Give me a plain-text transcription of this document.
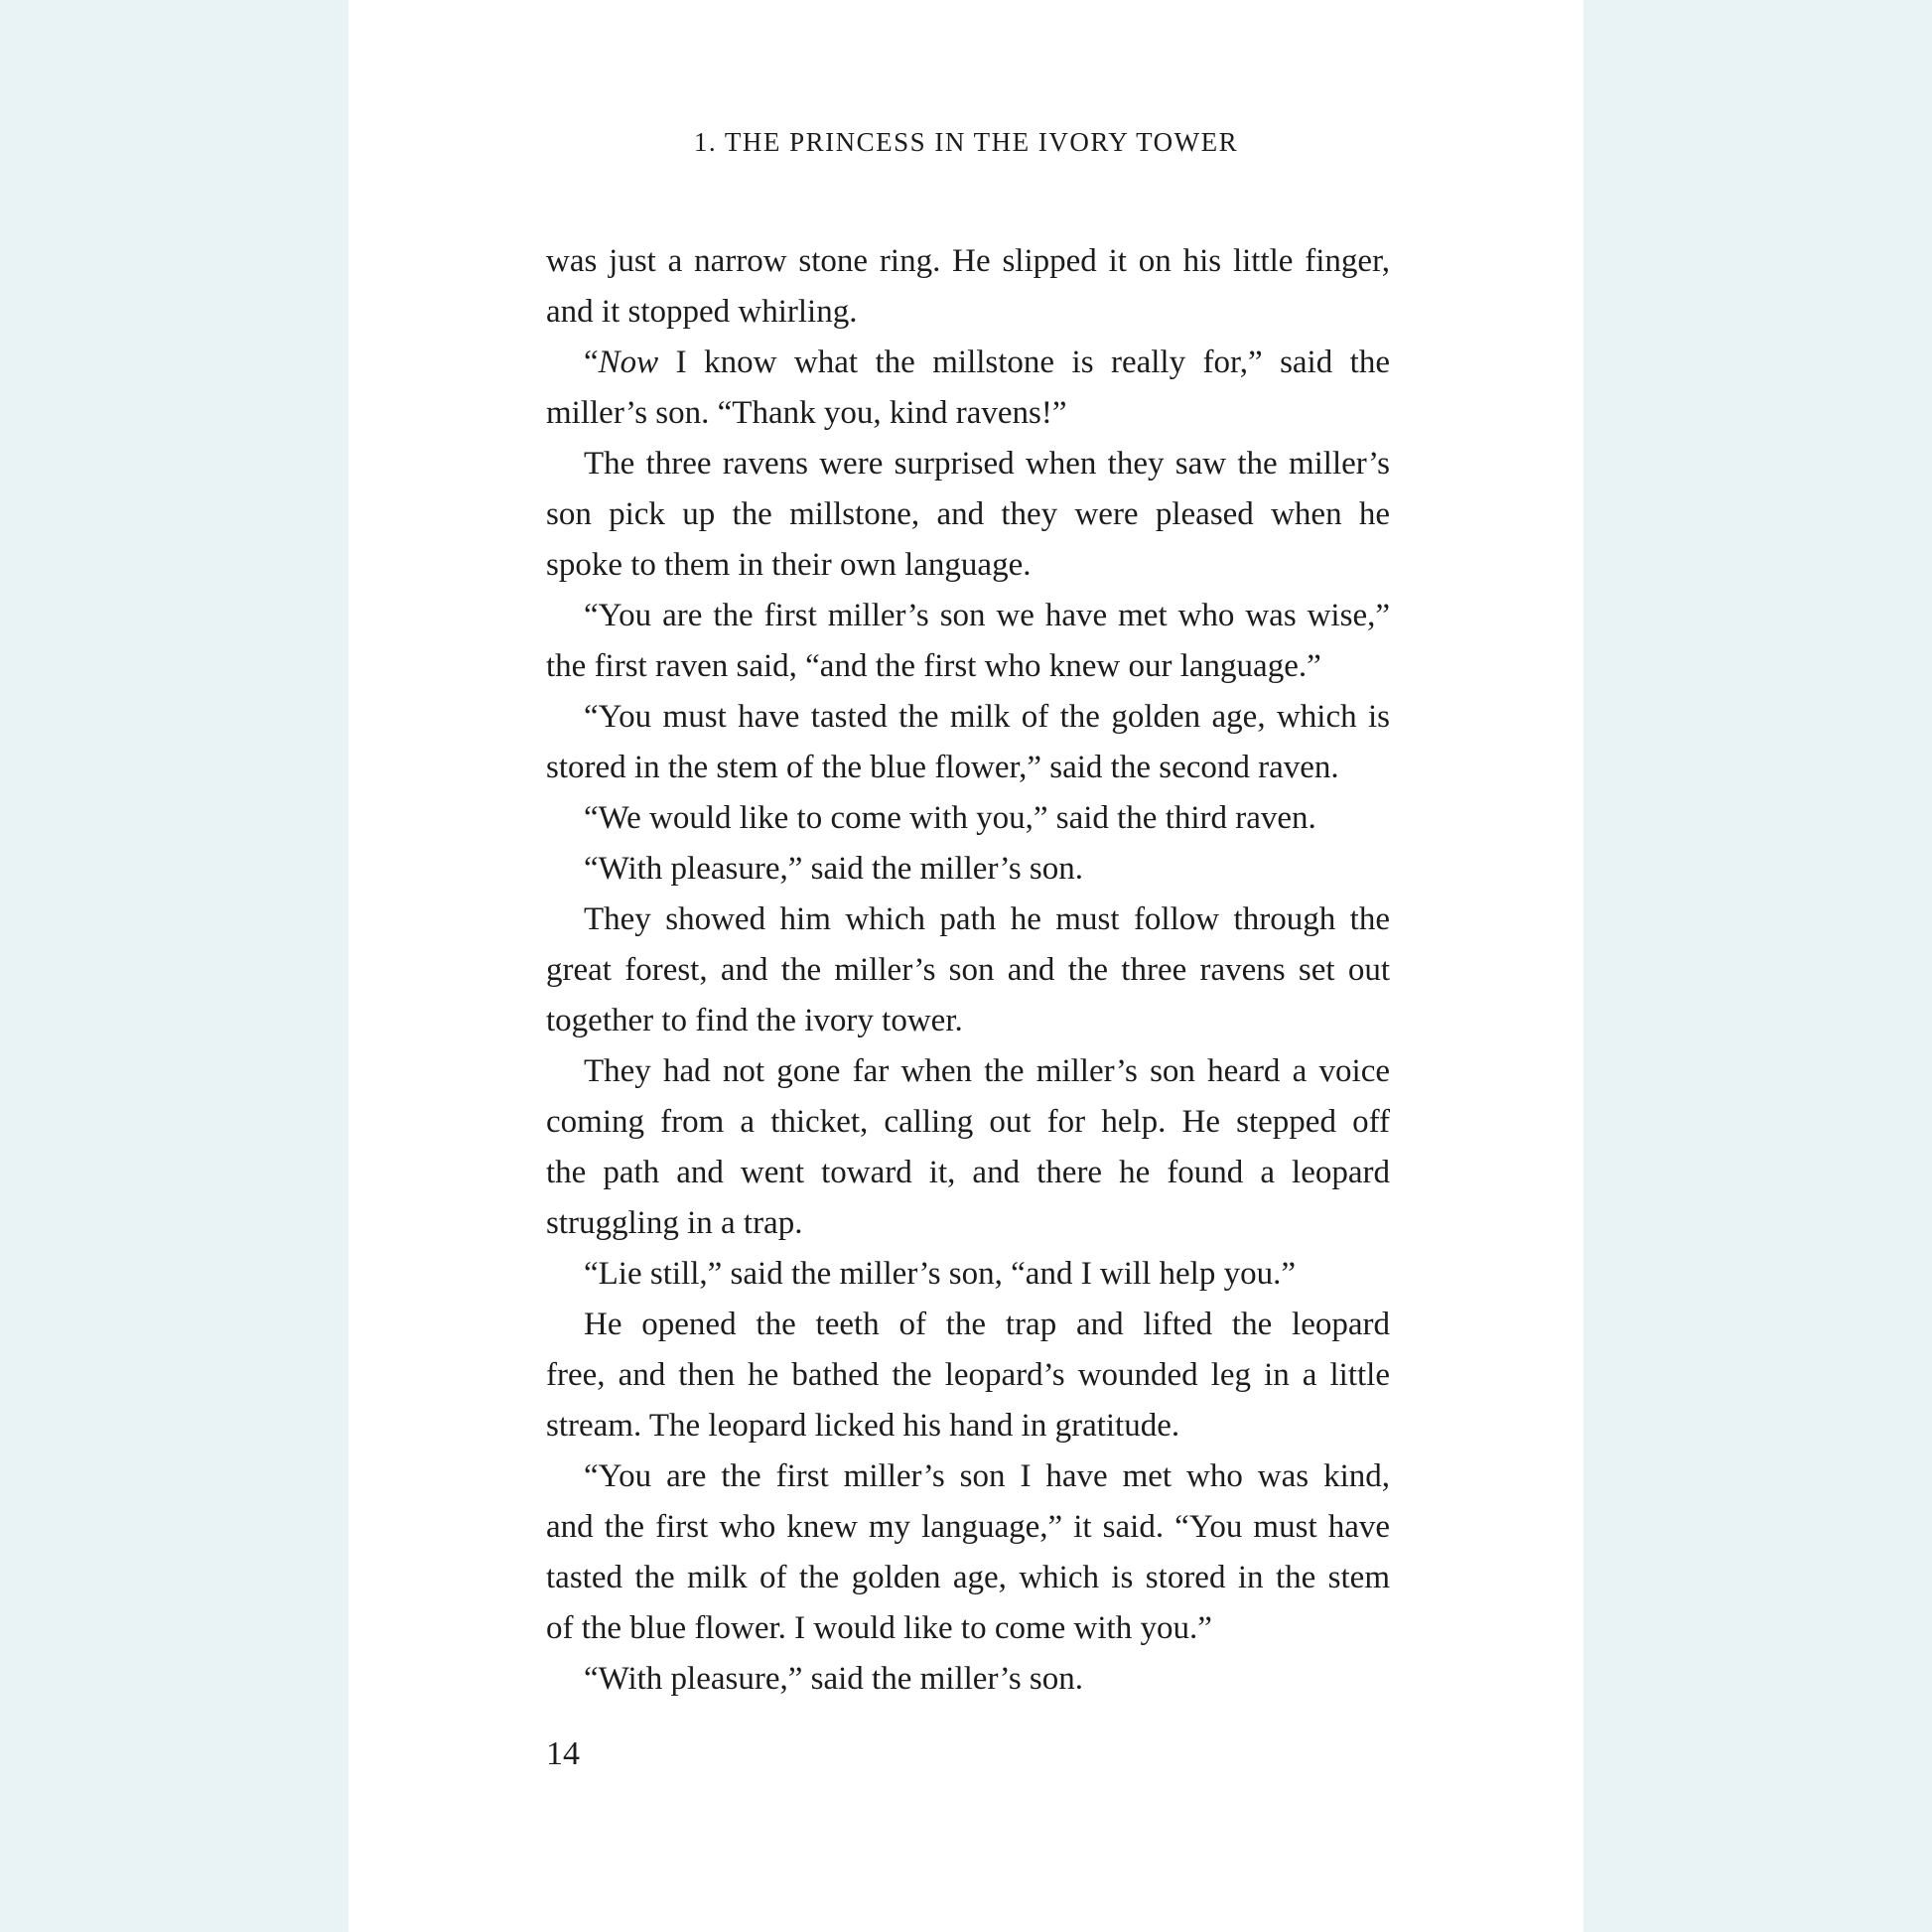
1. THE PRINCESS IN THE IVORY TOWER
was just a narrow stone ring. He slipped it on his little finger,
and it stopped whirling.
“Now I know what the millstone is really for,” said the
miller’s son. “Thank you, kind ravens!”
The three ravens were surprised when they saw the miller’s
son pick up the millstone, and they were pleased when he
spoke to them in their own language.
“You are the first miller’s son we have met who was wise,”
the first raven said, “and the first who knew our language.”
“You must have tasted the milk of the golden age, which is
stored in the stem of the blue flower,” said the second raven.
“We would like to come with you,” said the third raven.
“With pleasure,” said the miller’s son.
They showed him which path he must follow through the
great forest, and the miller’s son and the three ravens set out
together to find the ivory tower.
They had not gone far when the miller’s son heard a voice
coming from a thicket, calling out for help. He stepped off
the path and went toward it, and there he found a leopard
struggling in a trap.
“Lie still,” said the miller’s son, “and I will help you.”
He opened the teeth of the trap and lifted the leopard
free, and then he bathed the leopard’s wounded leg in a little
stream. The leopard licked his hand in gratitude.
“You are the first miller’s son I have met who was kind,
and the first who knew my language,” it said. “You must have
tasted the milk of the golden age, which is stored in the stem
of the blue flower. I would like to come with you.”
“With pleasure,” said the miller’s son.
14
